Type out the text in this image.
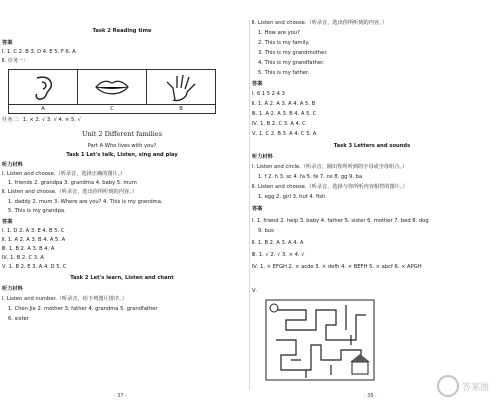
Task 2 Reading time
答案
Ⅰ. 1. C 2. B 3. D 4. E 5. F 6. A
Ⅱ. 任务一：
A	C	B
任务二：1. × 2. √ 3. √ 4. × 5. √
Unit 2 Different families
Part A Who lives with you?
Task 1 Let's talk, Listen, sing and play
听力材料
Ⅰ. Listen and choose.（听录音，选择正确的图片。）
1. friends 2. grandpa 3. grandma 4. baby 5. mum
Ⅱ. Listen and choose.（听录音，选出你所听到的内容。）
1. daddy 2. mum 3. Where are you? 4. This is my grandma.
5. This is my grandpa.
答案
Ⅰ. 1. D 2. A 3. E 4. B 5. C
Ⅱ. 1. A 2. A 3. B 4. A 5. A
Ⅲ. 1. B 2. A 3. B 4. A
Ⅳ. 1. B 2. C 3. A
Ⅴ. 1. B 2. E 3. A 4. D 5. C
Task 2 Let's learn, Listen and chant
听力材料
Ⅰ. Listen and number.（听录音，给下列图片排序。）
1. Chen Jie 2. mother 3. father 4. grandma 5. grandfather
6. sister
· 37 ·
Ⅱ. Listen and choose.（听录音，选出你所听到的内容。）
1. How are you?
2. This is my family.
3. This is my grandmother.
4. This is my grandfather.
5. This is my father.
答案
Ⅰ. 6 1 5 2 4 3
Ⅱ. 1. A 2. A 3. A 4. A 5. B
Ⅲ. 1. A 2. A 3. B 4. A 5. C
Ⅳ. 1. B 2. C 3. A 4. C
Ⅴ. 1. C 2. B 3. A 4. C 5. A
Task 3 Letters and sounds
听力材料
Ⅰ. Listen and circle.（听录音，圈出你所听到的字母或字母组合。）
1. f 2. h 3. sc 4. fa 5. fe 7. ce 8. gg 9. ba
Ⅱ. Listen and choose.（听录音，选择与你所听内容相符的图片。）
1. egg 2. girl 3. hut 4. fish
答案
Ⅰ. 1. friend 2. help 3. baby 4. father 5. sister 6. mother 7. bed 8. dog
9. bus
Ⅱ. 1. B 2. A 3. A 4. A
Ⅲ. 1. √ 2. √ 3. × 4. √
Ⅳ. 1. × EFGH 2. × acde 3. × defh 4. × BEFH 5. × abcf 6. × APGH
Ⅴ.
答案圈
· 38 ·
